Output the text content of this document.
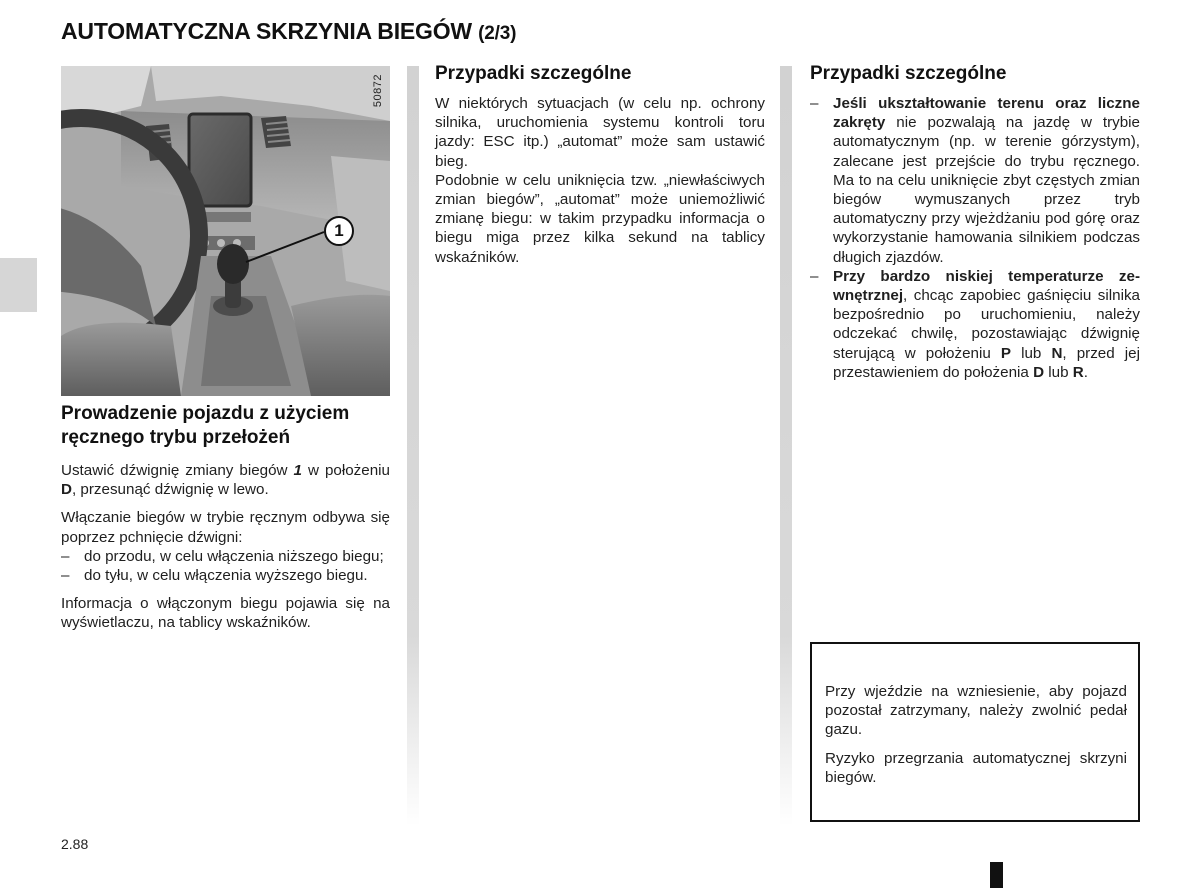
AUTOMATYCZNA SKRZYNIA BIEGÓW (2/3)
50872
1
Prowadzenie pojazdu z użyciem ręcznego trybu przełożeń

Ustawić dźwignię zmiany biegów 1 w położeniu D, przesunąć dźwignię w lewo.

Włączanie biegów w trybie ręcznym odbywa się poprzez pchnięcie dźwigni:

– do przodu, w celu włączenia niższego biegu;
– do tyłu, w celu włączenia wyższego biegu.

Informacja o włączonym biegu pojawia się na wyświetlaczu, na tablicy wskaźników.

Przypadki szczególne

W niektórych sytuacjach (w celu np. ochrony silnika, uruchomienia systemu kontroli toru jazdy: ESC itp.) „automat” może sam ustawić bieg.

Podobnie w celu uniknięcia tzw. „niewłaściwych zmian biegów”, „automat” może uniemożliwić zmianę biegu: w takim przypadku informacja o biegu miga przez kilka sekund na tablicy wskaźników.

Przypadki szczególne
– Jeśli ukształtowanie terenu oraz liczne zakręty nie pozwalają na jazdę w trybie automatycznym (np. w terenie górzystym), zalecane jest przejście do trybu ręcznego. Ma to na celu uniknięcie zbyt częstych zmian biegów wymuszanych przez tryb automatyczny przy wjeżdżaniu pod górę oraz wykorzystanie hamowania silnikiem podczas długich zjazdów.
– Przy bardzo niskiej temperaturze zewnętrznej, chcąc zapobiec gaśnięciu silnika bezpośrednio po uruchomieniu, należy odczekać chwilę, pozostawiając dźwignię sterującą w położeniu P lub N, przed jej przestawieniem do położenia D lub R.

Przy wjeździe na wzniesienie, aby pojazd pozostał zatrzymany, należy zwolnić pedał gazu.

Ryzyko przegrzania automatycznej skrzyni biegów.

2.88
